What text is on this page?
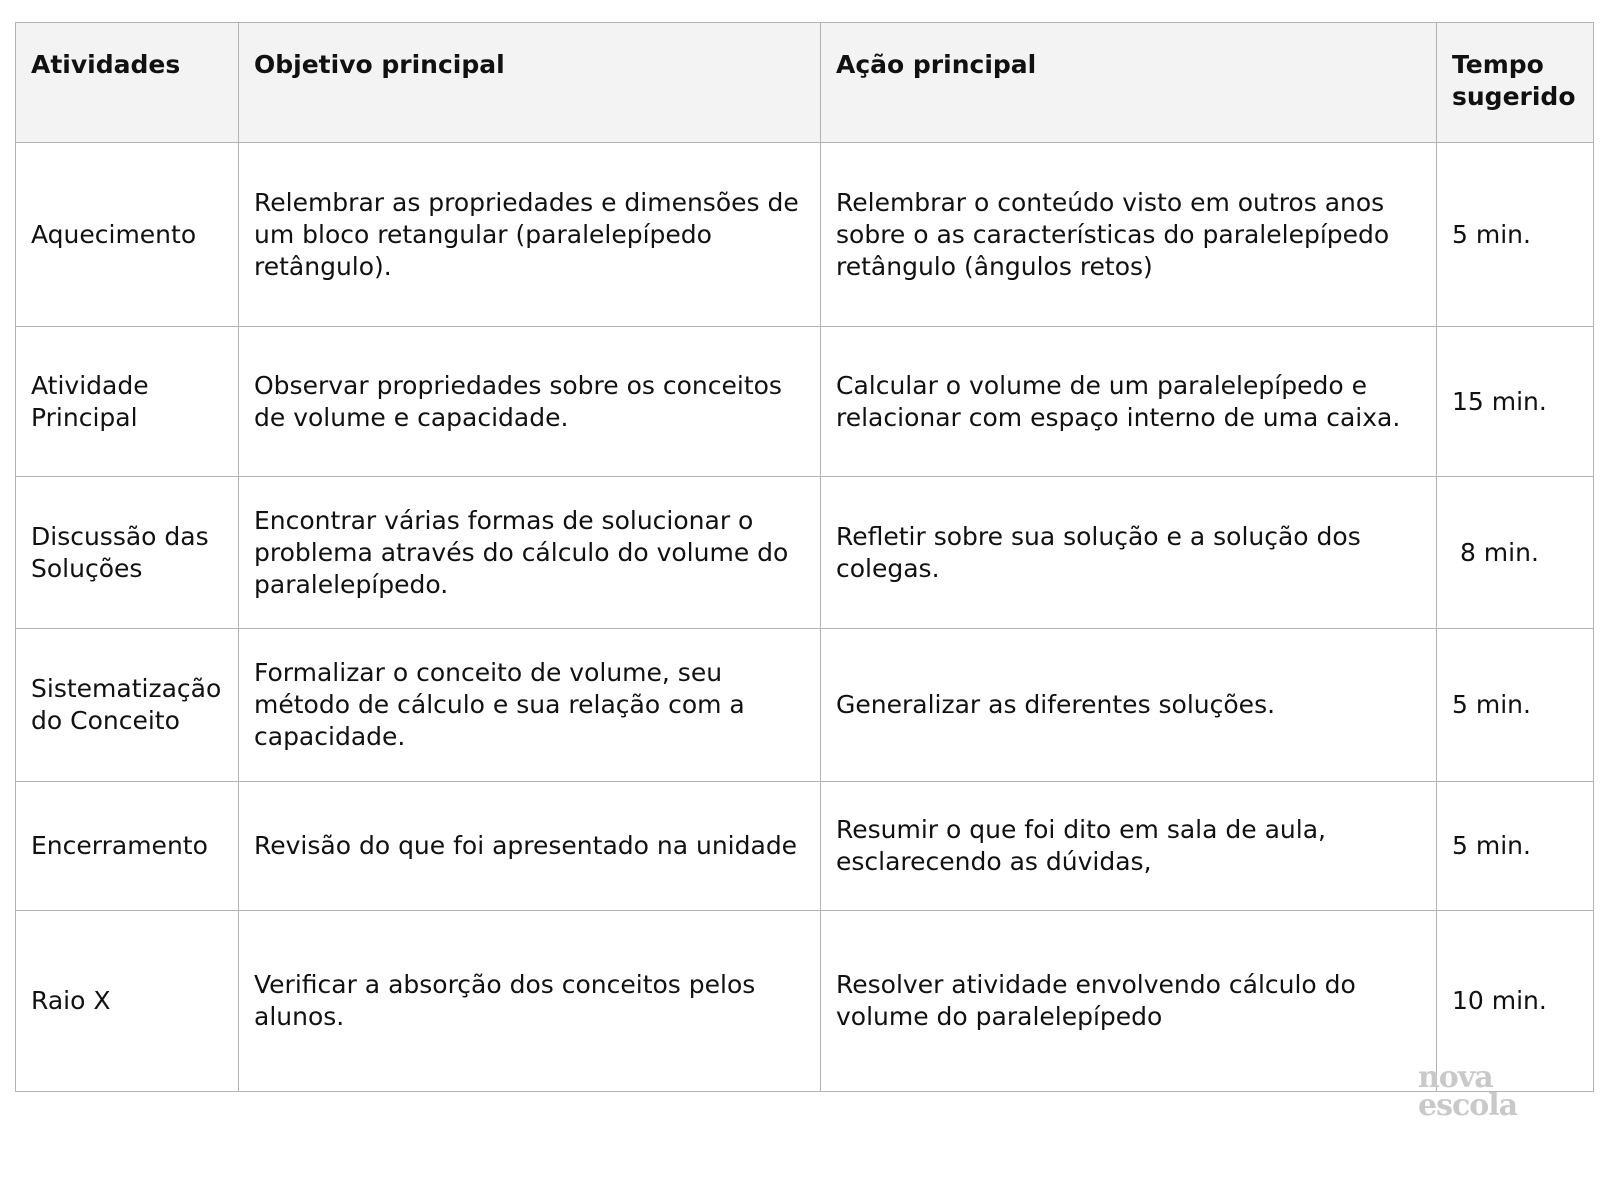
Atividades	Objetivo principal	Ação principal	Tempo sugerido
Aquecimento	Relembrar as propriedades e dimensões de um bloco retangular (paralelepípedo retângulo).	Relembrar o conteúdo visto em outros anos sobre o as características do paralelepípedo retângulo (ângulos retos)	5 min.
Atividade Principal	Observar propriedades sobre os conceitos de volume e capacidade.	Calcular o volume de um paralelepípedo e relacionar com espaço interno de uma caixa.	15 min.
Discussão das Soluções	Encontrar várias formas de solucionar o problema através do cálculo do volume do paralelepípedo.	Refletir sobre sua solução e a solução dos colegas.	8 min.
Sistematização do Conceito	Formalizar o conceito de volume, seu método de cálculo e sua relação com a capacidade.	Generalizar as diferentes soluções.	5 min.
Encerramento	Revisão do que foi apresentado na unidade	Resumir o que foi dito em sala de aula, esclarecendo as dúvidas,	5 min.
Raio X	Verificar a absorção dos conceitos pelos alunos.	Resolver atividade envolvendo cálculo do volume do paralelepípedo	10 min.
nova
escola
